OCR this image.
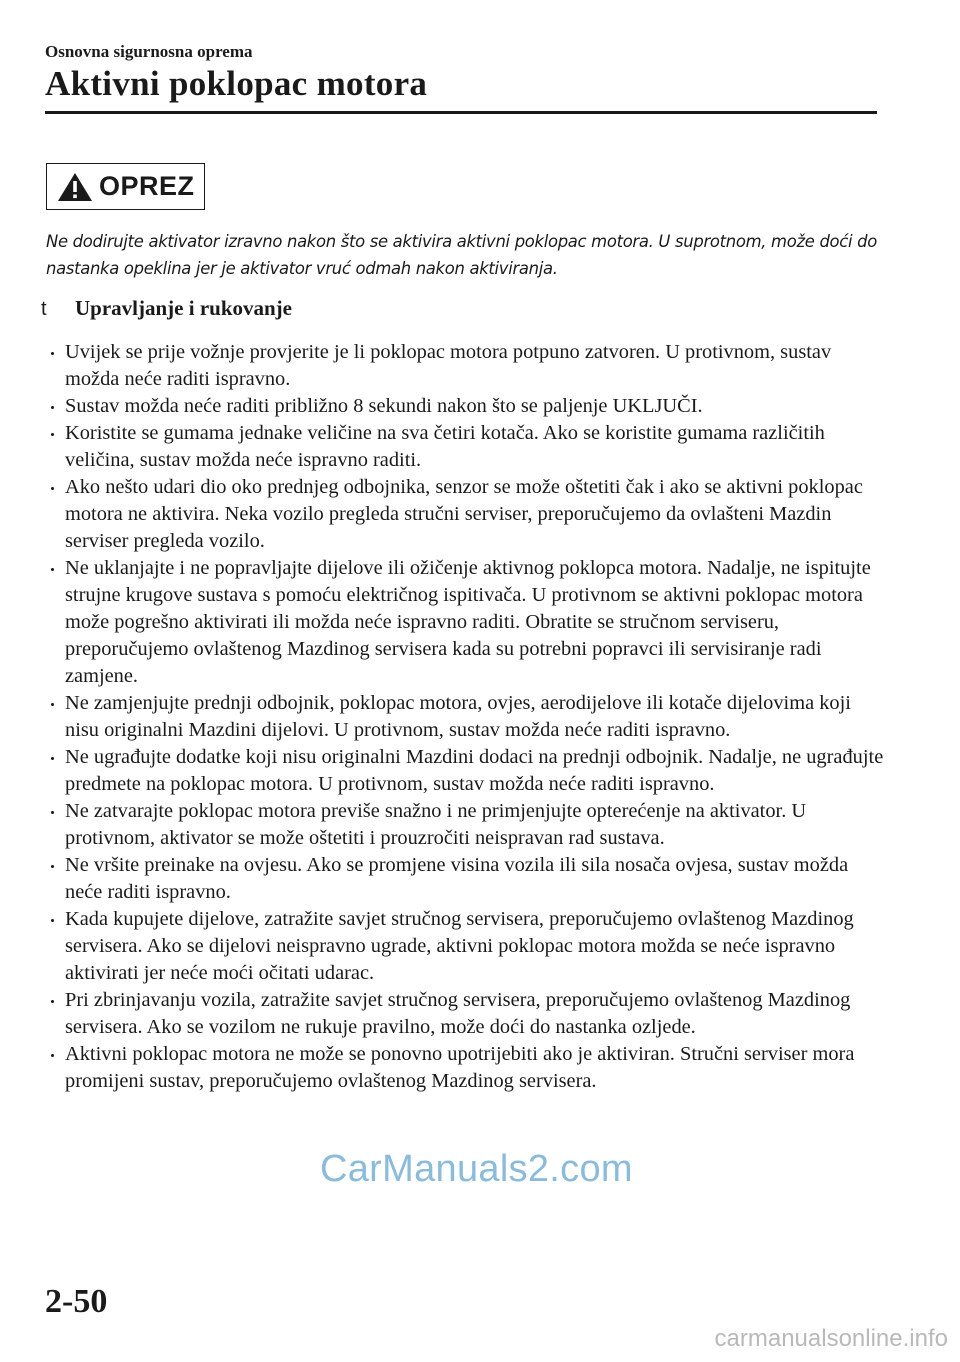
Osnovna sigurnosna oprema
Aktivni poklopac motora
OPREZ

Ne dodirujte aktivator izravno nakon što se aktivira aktivni poklopac motora. U suprotnom, može doći do nastanka opeklina jer je aktivator vruć odmah nakon aktiviranja.

t	Upravljanje i rukovanje
Uvijek se prije vožnje provjerite je li poklopac motora potpuno zatvoren. U protivnom, sustav možda neće raditi ispravno.
Sustav možda neće raditi približno 8 sekundi nakon što se paljenje UKLJUČI.
Koristite se gumama jednake veličine na sva četiri kotača. Ako se koristite gumama različitih veličina, sustav možda neće ispravno raditi.
Ako nešto udari dio oko prednjeg odbojnika, senzor se može oštetiti čak i ako se aktivni poklopac motora ne aktivira. Neka vozilo pregleda stručni serviser, preporučujemo da ovlašteni Mazdin serviser pregleda vozilo.
Ne uklanjajte i ne popravljajte dijelove ili ožičenje aktivnog poklopca motora. Nadalje, ne ispitujte strujne krugove sustava s pomoću električnog ispitivača. U protivnom se aktivni poklopac motora može pogrešno aktivirati ili možda neće ispravno raditi. Obratite se stručnom serviseru, preporučujemo ovlaštenog Mazdinog servisera kada su potrebni popravci ili servisiranje radi zamjene.
Ne zamjenjujte prednji odbojnik, poklopac motora, ovjes, aerodijelove ili kotače dijelovima koji nisu originalni Mazdini dijelovi. U protivnom, sustav možda neće raditi ispravno.
Ne ugrađujte dodatke koji nisu originalni Mazdini dodaci na prednji odbojnik. Nadalje, ne ugrađujte predmete na poklopac motora. U protivnom, sustav možda neće raditi ispravno.
Ne zatvarajte poklopac motora previše snažno i ne primjenjujte opterećenje na aktivator. U protivnom, aktivator se može oštetiti i prouzročiti neispravan rad sustava.
Ne vršite preinake na ovjesu. Ako se promjene visina vozila ili sila nosača ovjesa, sustav možda neće raditi ispravno.
Kada kupujete dijelove, zatražite savjet stručnog servisera, preporučujemo ovlaštenog Mazdinog servisera. Ako se dijelovi neispravno ugrade, aktivni poklopac motora možda se neće ispravno aktivirati jer neće moći očitati udarac.
Pri zbrinjavanju vozila, zatražite savjet stručnog servisera, preporučujemo ovlaštenog Mazdinog servisera. Ako se vozilom ne rukuje pravilno, može doći do nastanka ozljede.
Aktivni poklopac motora ne može se ponovno upotrijebiti ako je aktiviran. Stručni serviser mora promijeni sustav, preporučujemo ovlaštenog Mazdinog servisera.
CarManuals2.com
2-50
carmanualsonline.info
